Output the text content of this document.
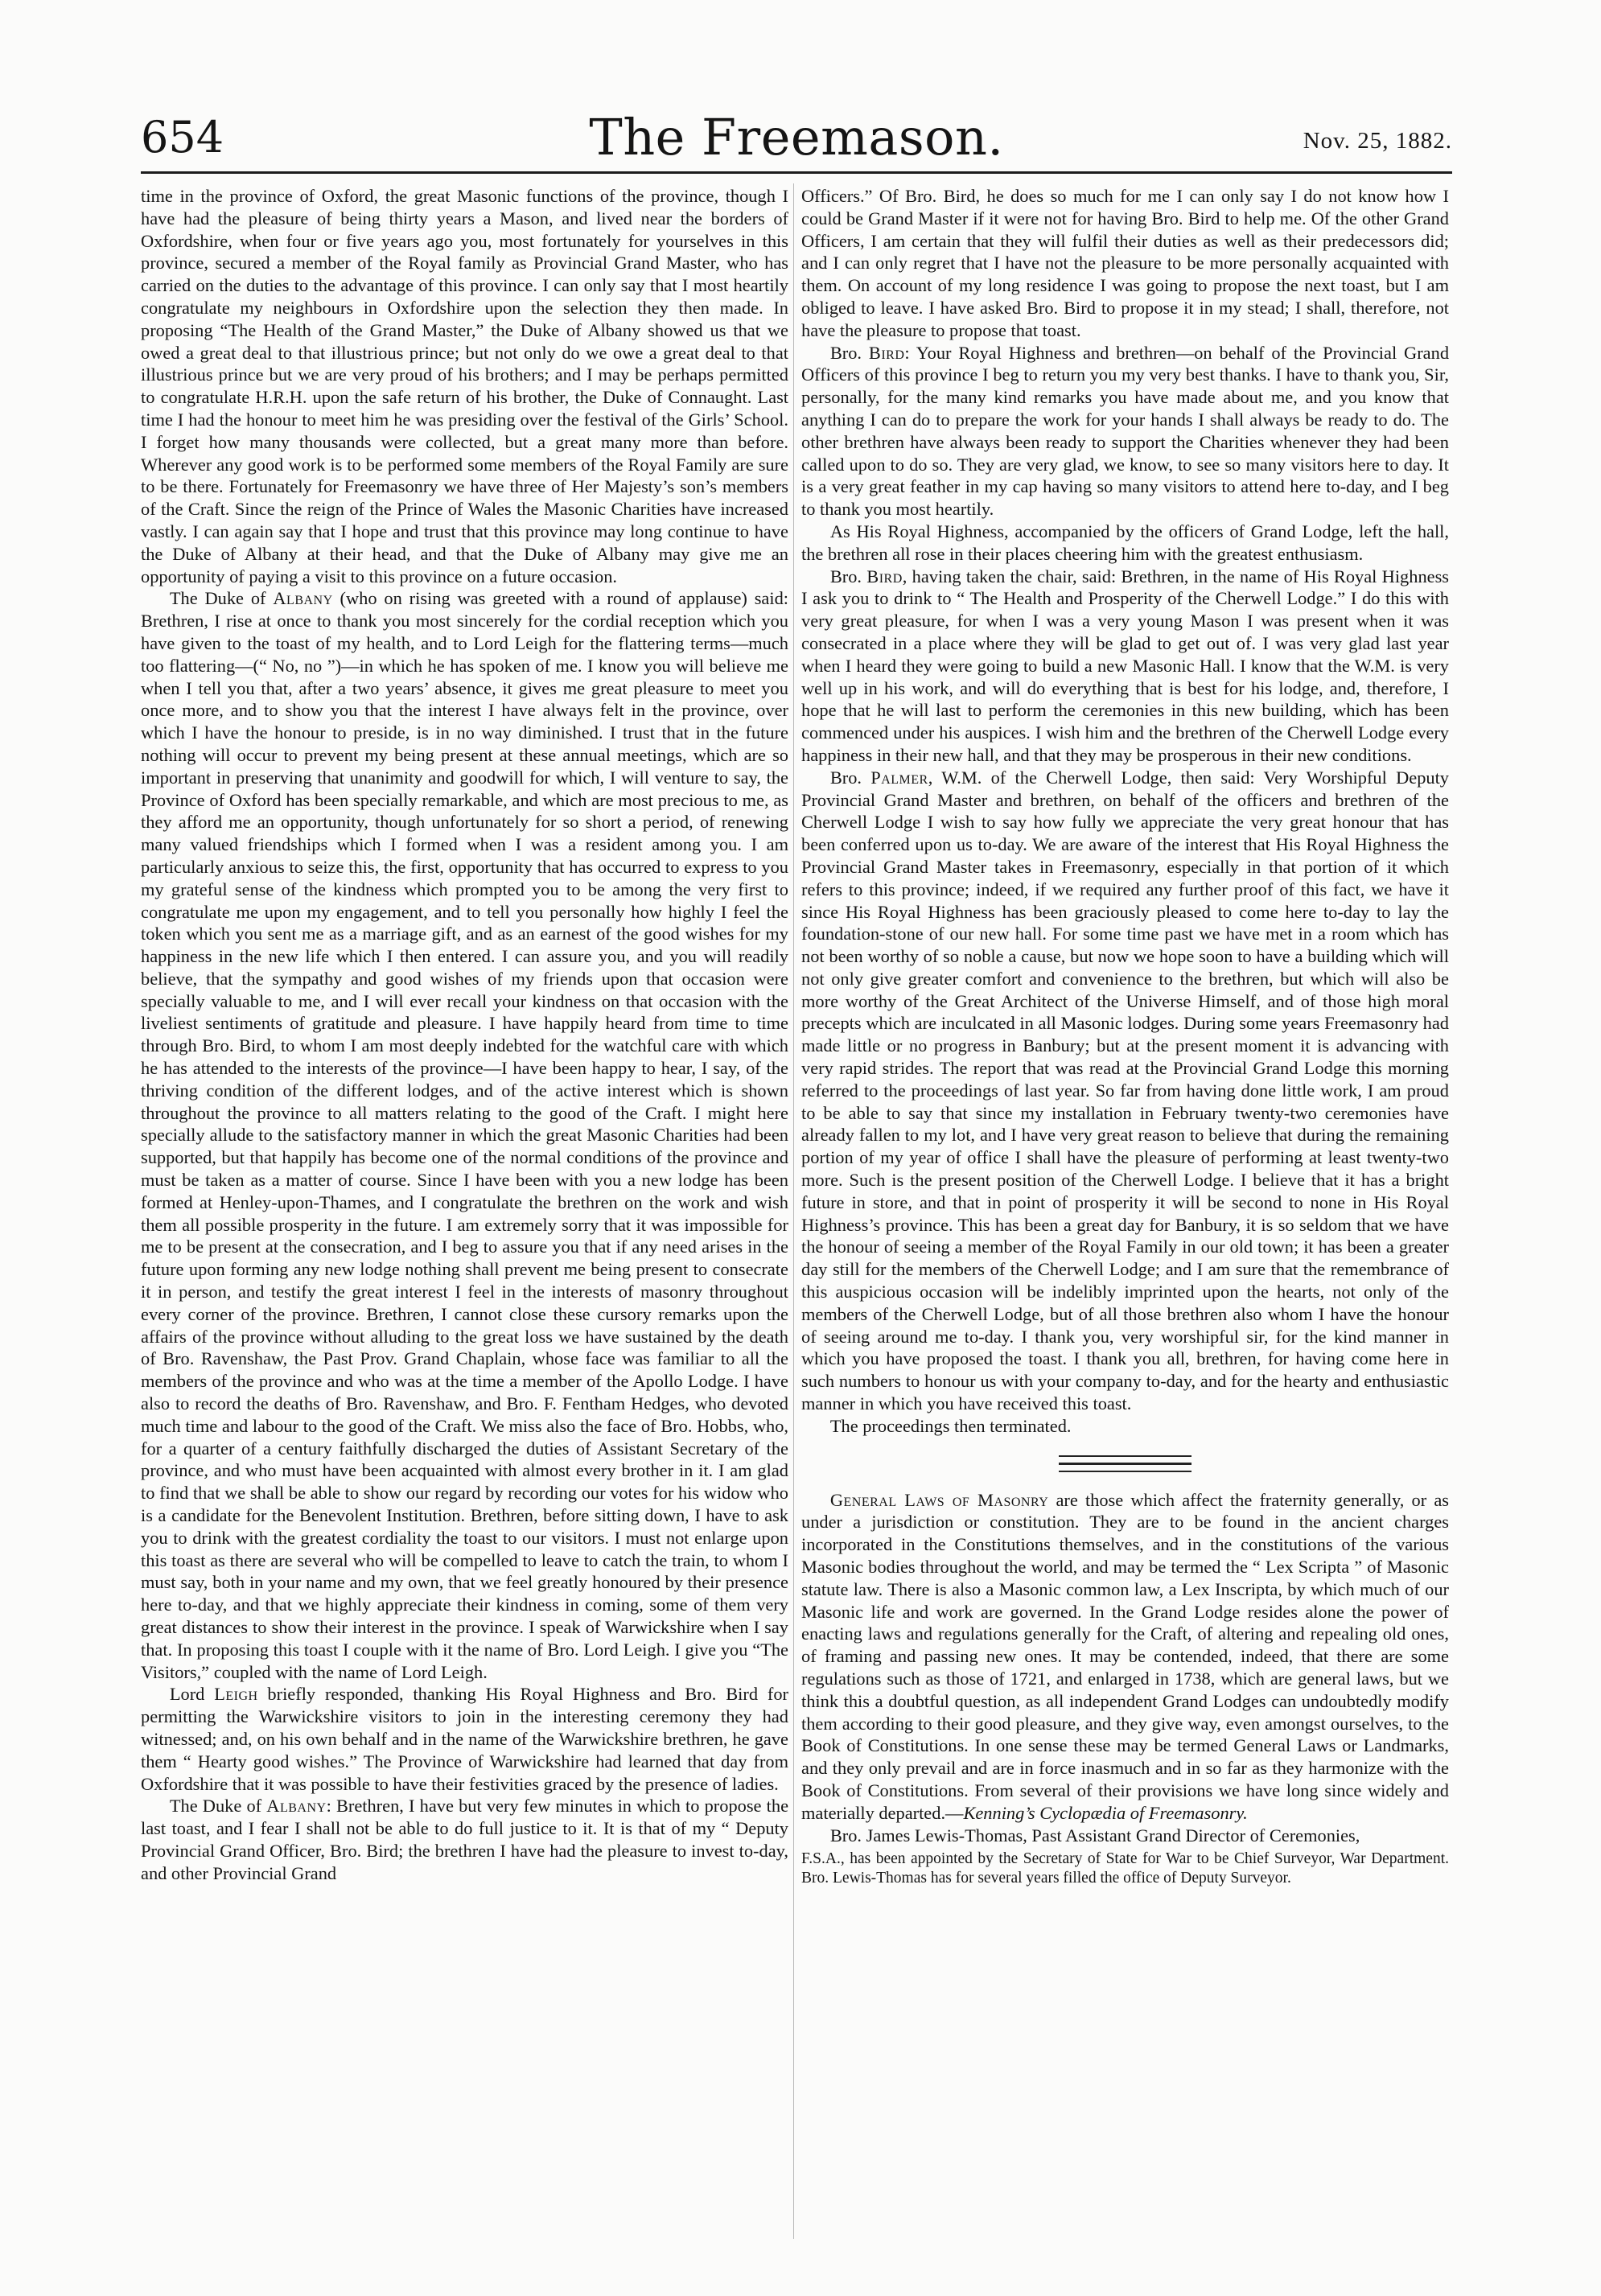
654	The Freemason.	Nov. 25, 1882.

time in the province of Oxford, the great Masonic functions of the province, though I have had the pleasure of being thirty years a Mason, and lived near the borders of Oxfordshire, when four or five years ago you, most fortunately for yourselves in this province, secured a member of the Royal family as Provincial Grand Master, who has carried on the duties to the advantage of this province. I can only say that I most heartily congratulate my neighbours in Oxfordshire upon the selection they then made. In proposing “The Health of the Grand Master,” the Duke of Albany showed us that we owed a great deal to that illustrious prince; but not only do we owe a great deal to that illustrious prince but we are very proud of his brothers; and I may be perhaps permitted to congratulate H.R.H. upon the safe return of his brother, the Duke of Connaught. Last time I had the honour to meet him he was presiding over the festival of the Girls’ School. I forget how many thousands were collected, but a great many more than before. Wherever any good work is to be performed some members of the Royal Family are sure to be there. Fortunately for Freemasonry we have three of Her Majesty’s son’s members of the Craft. Since the reign of the Prince of Wales the Masonic Charities have increased vastly. I can again say that I hope and trust that this province may long continue to have the Duke of Albany at their head, and that the Duke of Albany may give me an opportunity of paying a visit to this province on a future occasion.

The Duke of Albany (who on rising was greeted with a round of applause) said: Brethren, I rise at once to thank you most sincerely for the cordial reception which you have given to the toast of my health, and to Lord Leigh for the flattering terms—much too flattering—(“ No, no ”)—in which he has spoken of me. I know you will believe me when I tell you that, after a two years’ absence, it gives me great pleasure to meet you once more, and to show you that the interest I have always felt in the province, over which I have the honour to preside, is in no way diminished. I trust that in the future nothing will occur to prevent my being present at these annual meetings, which are so important in preserving that unanimity and goodwill for which, I will venture to say, the Province of Oxford has been specially remarkable, and which are most precious to me, as they afford me an opportunity, though unfortunately for so short a period, of renewing many valued friendships which I formed when I was a resident among you. I am particularly anxious to seize this, the first, opportunity that has occurred to express to you my grateful sense of the kindness which prompted you to be among the very first to congratulate me upon my engagement, and to tell you personally how highly I feel the token which you sent me as a marriage gift, and as an earnest of the good wishes for my happiness in the new life which I then entered. I can assure you, and you will readily believe, that the sympathy and good wishes of my friends upon that occasion were specially valuable to me, and I will ever recall your kindness on that occasion with the liveliest sentiments of gratitude and pleasure. I have happily heard from time to time through Bro. Bird, to whom I am most deeply indebted for the watchful care with which he has attended to the interests of the province—I have been happy to hear, I say, of the thriving condition of the different lodges, and of the active interest which is shown throughout the province to all matters relating to the good of the Craft. I might here specially allude to the satisfactory manner in which the great Masonic Charities had been supported, but that happily has become one of the normal conditions of the province and must be taken as a matter of course. Since I have been with you a new lodge has been formed at Henley-upon-Thames, and I congratulate the brethren on the work and wish them all possible prosperity in the future. I am extremely sorry that it was impossible for me to be present at the consecration, and I beg to assure you that if any need arises in the future upon forming any new lodge nothing shall prevent me being present to consecrate it in person, and testify the great interest I feel in the interests of masonry throughout every corner of the province. Brethren, I cannot close these cursory remarks upon the affairs of the province without alluding to the great loss we have sustained by the death of Bro. Ravenshaw, the Past Prov. Grand Chaplain, whose face was familiar to all the members of the province and who was at the time a member of the Apollo Lodge. I have also to record the deaths of Bro. Ravenshaw, and Bro. F. Fentham Hedges, who devoted much time and labour to the good of the Craft. We miss also the face of Bro. Hobbs, who, for a quarter of a century faithfully discharged the duties of Assistant Secretary of the province, and who must have been acquainted with almost every brother in it. I am glad to find that we shall be able to show our regard by recording our votes for his widow who is a candidate for the Benevolent Institution. Brethren, before sitting down, I have to ask you to drink with the greatest cordiality the toast to our visitors. I must not enlarge upon this toast as there are several who will be compelled to leave to catch the train, to whom I must say, both in your name and my own, that we feel greatly honoured by their presence here to-day, and that we highly appreciate their kindness in coming, some of them very great distances to show their interest in the province. I speak of Warwickshire when I say that. In proposing this toast I couple with it the name of Bro. Lord Leigh. I give you “The Visitors,” coupled with the name of Lord Leigh.

Lord Leigh briefly responded, thanking His Royal Highness and Bro. Bird for permitting the Warwickshire visitors to join in the interesting ceremony they had witnessed; and, on his own behalf and in the name of the Warwickshire brethren, he gave them “ Hearty good wishes.” The Province of Warwickshire had learned that day from Oxfordshire that it was possible to have their festivities graced by the presence of ladies.

The Duke of Albany: Brethren, I have but very few minutes in which to propose the last toast, and I fear I shall not be able to do full justice to it. It is that of my “ Deputy Provincial Grand Officer, Bro. Bird; the brethren I have had the pleasure to invest to-day, and other Provincial Grand

Officers.” Of Bro. Bird, he does so much for me I can only say I do not know how I could be Grand Master if it were not for having Bro. Bird to help me. Of the other Grand Officers, I am certain that they will fulfil their duties as well as their predecessors did; and I can only regret that I have not the pleasure to be more personally acquainted with them. On account of my long residence I was going to propose the next toast, but I am obliged to leave. I have asked Bro. Bird to propose it in my stead; I shall, therefore, not have the pleasure to propose that toast.

Bro. Bird: Your Royal Highness and brethren—on behalf of the Provincial Grand Officers of this province I beg to return you my very best thanks. I have to thank you, Sir, personally, for the many kind remarks you have made about me, and you know that anything I can do to prepare the work for your hands I shall always be ready to do. The other brethren have always been ready to support the Charities whenever they had been called upon to do so. They are very glad, we know, to see so many visitors here to day. It is a very great feather in my cap having so many visitors to attend here to-day, and I beg to thank you most heartily.

As His Royal Highness, accompanied by the officers of Grand Lodge, left the hall, the brethren all rose in their places cheering him with the greatest enthusiasm.

Bro. Bird, having taken the chair, said: Brethren, in the name of His Royal Highness I ask you to drink to “ The Health and Prosperity of the Cherwell Lodge.” I do this with very great pleasure, for when I was a very young Mason I was present when it was consecrated in a place where they will be glad to get out of. I was very glad last year when I heard they were going to build a new Masonic Hall. I know that the W.M. is very well up in his work, and will do everything that is best for his lodge, and, therefore, I hope that he will last to perform the ceremonies in this new building, which has been commenced under his auspices. I wish him and the brethren of the Cherwell Lodge every happiness in their new hall, and that they may be prosperous in their new conditions.

Bro. Palmer, W.M. of the Cherwell Lodge, then said: Very Worshipful Deputy Provincial Grand Master and brethren, on behalf of the officers and brethren of the Cherwell Lodge I wish to say how fully we appreciate the very great honour that has been conferred upon us to-day. We are aware of the interest that His Royal Highness the Provincial Grand Master takes in Freemasonry, especially in that portion of it which refers to this province; indeed, if we required any further proof of this fact, we have it since His Royal Highness has been graciously pleased to come here to-day to lay the foundation-stone of our new hall. For some time past we have met in a room which has not been worthy of so noble a cause, but now we hope soon to have a building which will not only give greater comfort and convenience to the brethren, but which will also be more worthy of the Great Architect of the Universe Himself, and of those high moral precepts which are inculcated in all Masonic lodges. During some years Freemasonry had made little or no progress in Banbury; but at the present moment it is advancing with very rapid strides. The report that was read at the Provincial Grand Lodge this morning referred to the proceedings of last year. So far from having done little work, I am proud to be able to say that since my installation in February twenty-two ceremonies have already fallen to my lot, and I have very great reason to believe that during the remaining portion of my year of office I shall have the pleasure of performing at least twenty-two more. Such is the present position of the Cherwell Lodge. I believe that it has a bright future in store, and that in point of prosperity it will be second to none in His Royal Highness’s province. This has been a great day for Banbury, it is so seldom that we have the honour of seeing a member of the Royal Family in our old town; it has been a greater day still for the members of the Cherwell Lodge; and I am sure that the remembrance of this auspicious occasion will be indelibly imprinted upon the hearts, not only of the members of the Cherwell Lodge, but of all those brethren also whom I have the honour of seeing around me to-day. I thank you, very worshipful sir, for the kind manner in which you have proposed the toast. I thank you all, brethren, for having come here in such numbers to honour us with your company to-day, and for the hearty and enthusiastic manner in which you have received this toast.

The proceedings then terminated.

General Laws of Masonry are those which affect the fraternity generally, or as under a jurisdiction or constitution. They are to be found in the ancient charges incorporated in the Constitutions themselves, and in the constitutions of the various Masonic bodies throughout the world, and may be termed the “ Lex Scripta ” of Masonic statute law. There is also a Masonic common law, a Lex Inscripta, by which much of our Masonic life and work are governed. In the Grand Lodge resides alone the power of enacting laws and regulations generally for the Craft, of altering and repealing old ones, of framing and passing new ones. It may be contended, indeed, that there are some regulations such as those of 1721, and enlarged in 1738, which are general laws, but we think this a doubtful question, as all independent Grand Lodges can undoubtedly modify them according to their good pleasure, and they give way, even amongst ourselves, to the Book of Constitutions. In one sense these may be termed General Laws or Landmarks, and they only prevail and are in force inasmuch and in so far as they harmonize with the Book of Constitutions. From several of their provisions we have long since widely and materially departed.—Kenning’s Cyclopædia of Freemasonry.

Bro. James Lewis-Thomas, Past Assistant Grand Director of Ceremonies,

F.S.A., has been appointed by the Secretary of State for War to be Chief Surveyor, War Department. Bro. Lewis-Thomas has for several years filled the office of Deputy Surveyor.
